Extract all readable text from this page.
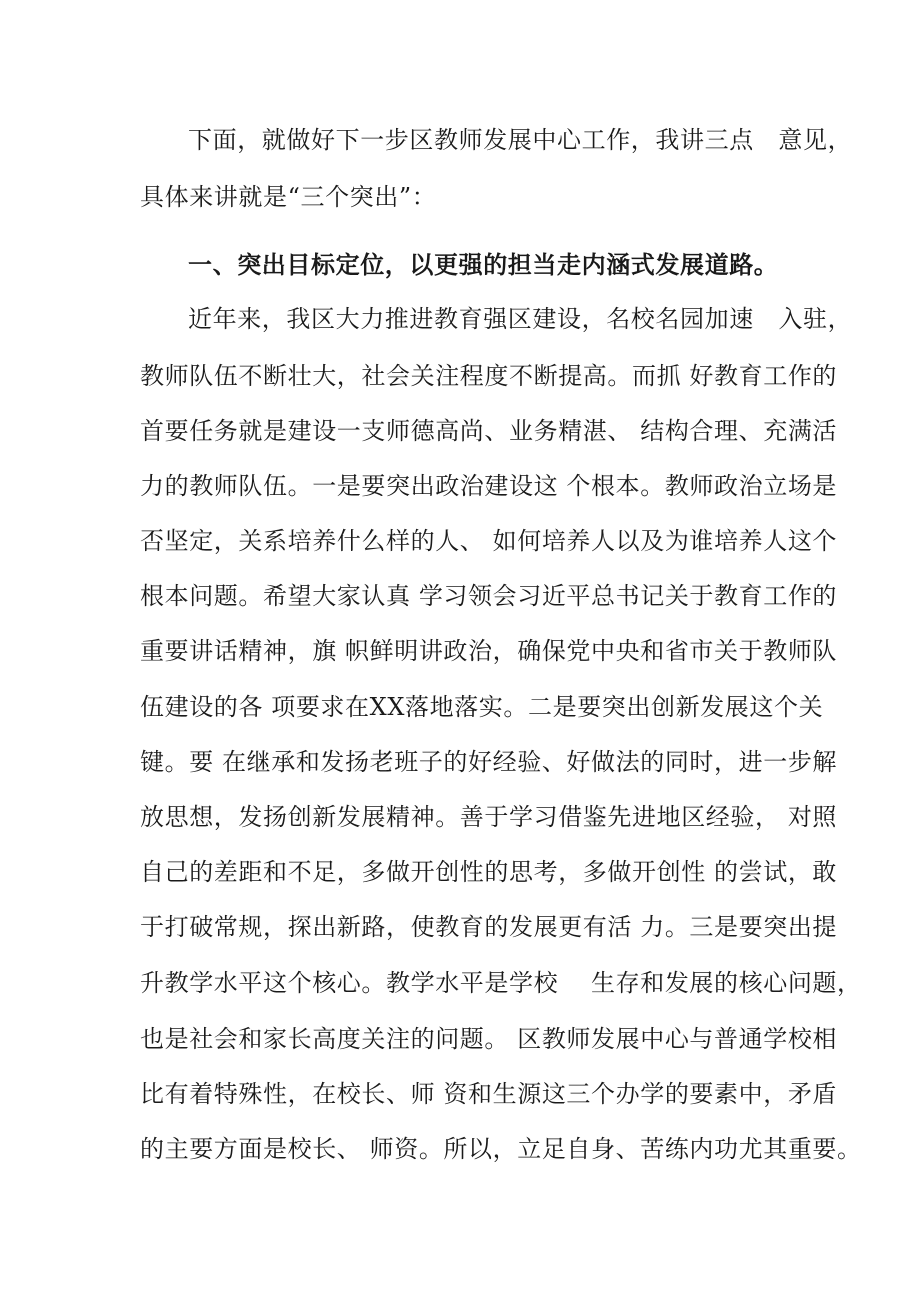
下面，就做好下一步区教师发展中心工作，我讲三点　意见，
具体来讲就是“三个突出”：
一、突出目标定位，以更强的担当走内涵式发展道路。
近年来，我区大力推进教育强区建设，名校名园加速　入驻，
教师队伍不断壮大，社会关注程度不断提高。而抓 好教育工作的
首要任务就是建设一支师德高尚、业务精湛、 结构合理、充满活
力的教师队伍。一是要突出政治建设这 个根本。教师政治立场是
否坚定，关系培养什么样的人、 如何培养人以及为谁培养人这个
根本问题。希望大家认真 学习领会习近平总书记关于教育工作的
重要讲话精神，旗 帜鲜明讲政治，确保党中央和省市关于教师队
伍建设的各 项要求在XX落地落实。二是要突出创新发展这个关
键。要 在继承和发扬老班子的好经验、好做法的同时，进一步解
放思想，发扬创新发展精神。善于学习借鉴先进地区经验， 对照
自己的差距和不足，多做开创性的思考，多做开创性 的尝试，敢
于打破常规，探出新路，使教育的发展更有活 力。三是要突出提
升教学水平这个核心。教学水平是学校　 生存和发展的核心问题，
也是社会和家长高度关注的问题。 区教师发展中心与普通学校相
比有着特殊性，在校长、师 资和生源这三个办学的要素中，矛盾
的主要方面是校长、 师资。所以，立足自身、苦练内功尤其重要。
